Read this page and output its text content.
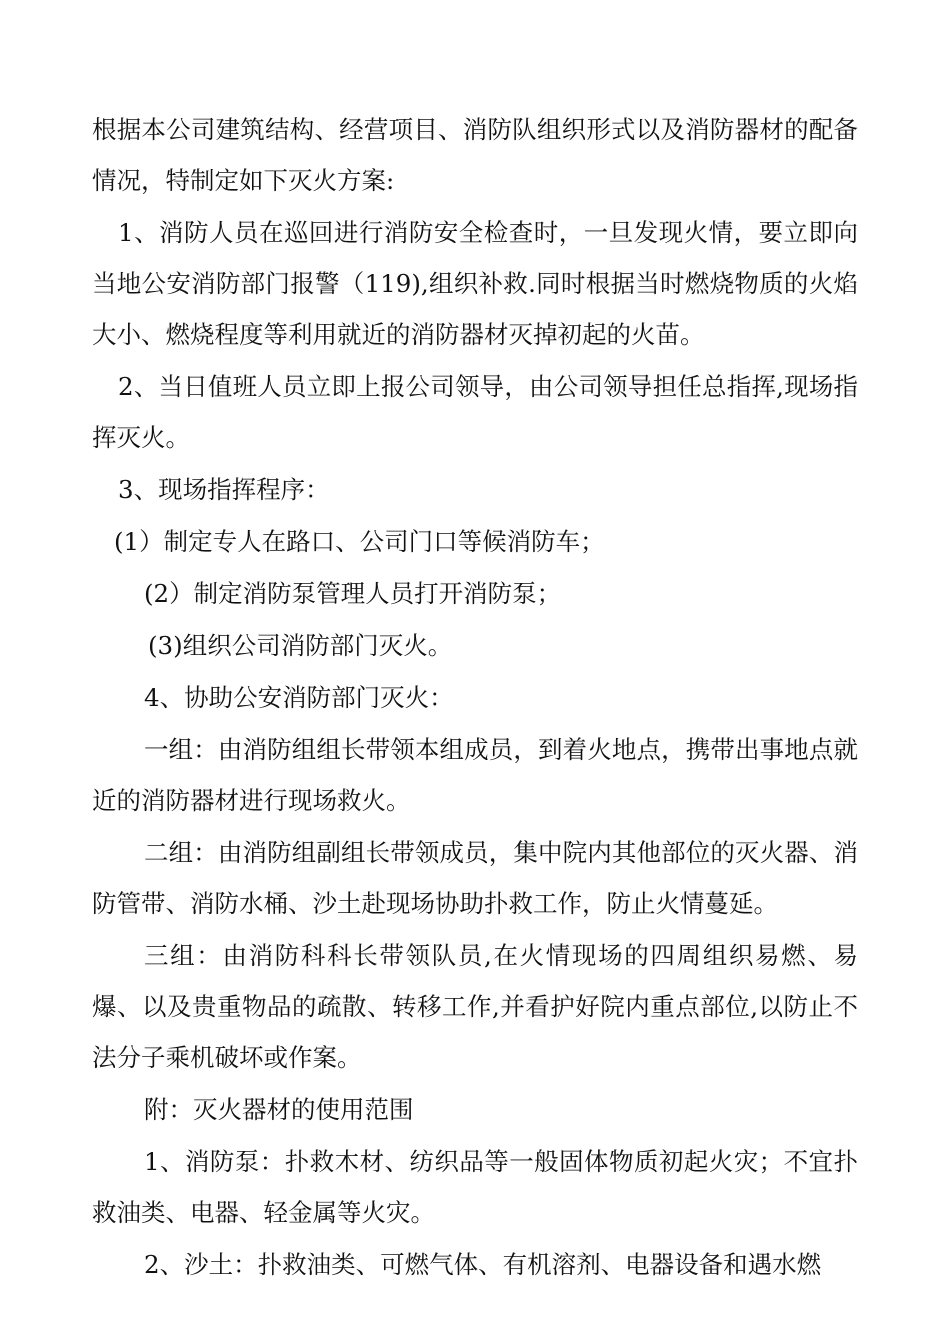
根据本公司建筑结构、经营项目、消防队组织形式以及消防器材的配备情况，特制定如下灭火方案:

1、消防人员在巡回进行消防安全检查时，一旦发现火情，要立即向当地公安消防部门报警（119),组织补救.同时根据当时燃烧物质的火焰大小、燃烧程度等利用就近的消防器材灭掉初起的火苗。

2、当日值班人员立即上报公司领导，由公司领导担任总指挥,现场指挥灭火。

3、现场指挥程序：

(1）制定专人在路口、公司门口等候消防车；

(2）制定消防泵管理人员打开消防泵；

(3)组织公司消防部门灭火。

4、协助公安消防部门灭火：

一组：由消防组组长带领本组成员，到着火地点，携带出事地点就近的消防器材进行现场救火。

二组：由消防组副组长带领成员，集中院内其他部位的灭火器、消防管带、消防水桶、沙土赴现场协助扑救工作，防止火情蔓延。

三组：由消防科科长带领队员,在火情现场的四周组织易燃、易爆、以及贵重物品的疏散、转移工作,并看护好院内重点部位,以防止不法分子乘机破坏或作案。

附：灭火器材的使用范围

1、消防泵：扑救木材、纺织品等一般固体物质初起火灾；不宜扑救油类、电器、轻金属等火灾。

2、沙土：扑救油类、可燃气体、有机溶剂、电器设备和遇水燃
